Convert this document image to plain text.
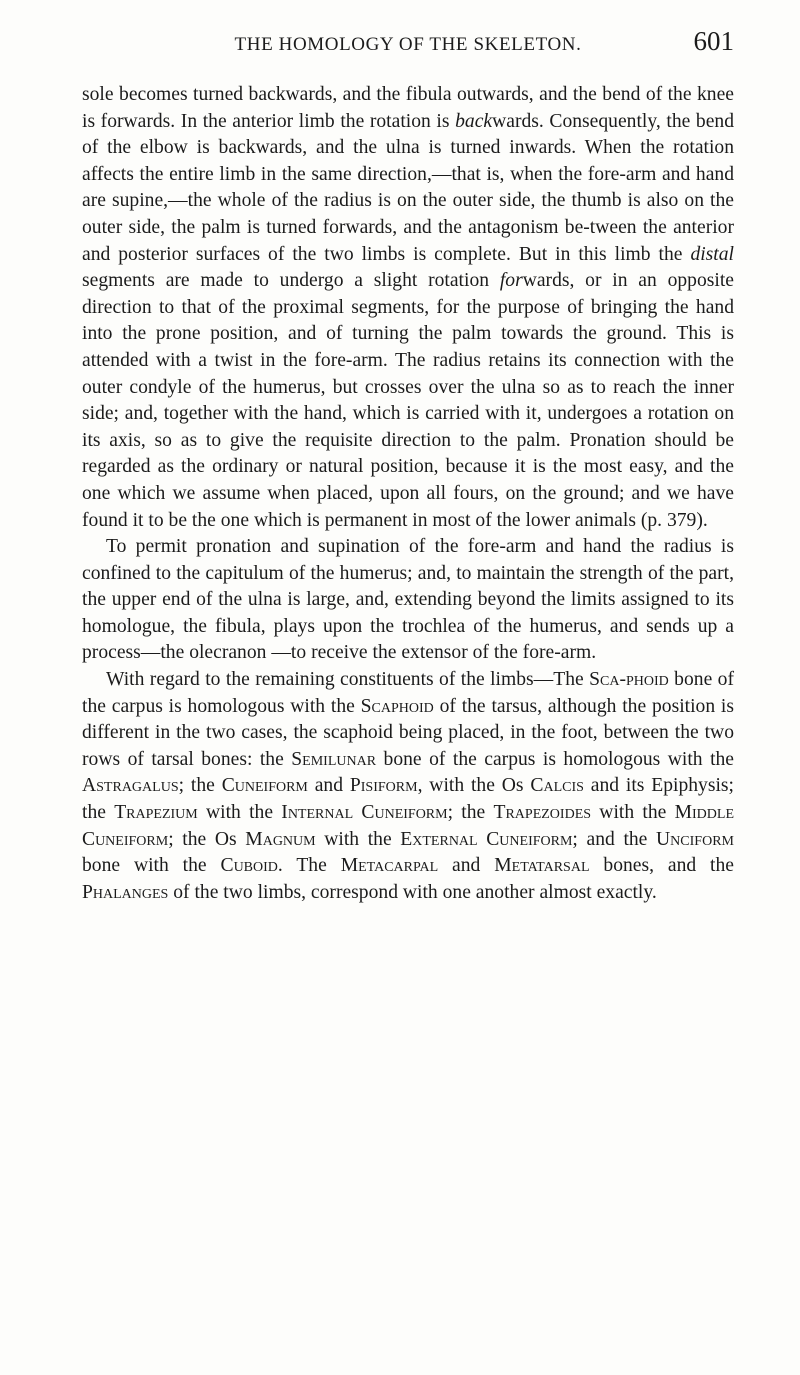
THE HOMOLOGY OF THE SKELETON.	601

sole becomes turned backwards, and the fibula outwards, and the bend of the knee is forwards. In the anterior limb the rotation is backwards. Consequently, the bend of the elbow is backwards, and the ulna is turned inwards. When the rotation affects the entire limb in the same direction,—that is, when the fore-arm and hand are supine,—the whole of the radius is on the outer side, the thumb is also on the outer side, the palm is turned forwards, and the antagonism be-tween the anterior and posterior surfaces of the two limbs is complete. But in this limb the distal segments are made to undergo a slight rotation forwards, or in an opposite direction to that of the proximal segments, for the purpose of bringing the hand into the prone position, and of turning the palm towards the ground. This is attended with a twist in the fore-arm. The radius retains its connection with the outer condyle of the humerus, but crosses over the ulna so as to reach the inner side; and, together with the hand, which is carried with it, undergoes a rotation on its axis, so as to give the requisite direction to the palm. Pronation should be regarded as the ordinary or natural position, because it is the most easy, and the one which we assume when placed, upon all fours, on the ground; and we have found it to be the one which is permanent in most of the lower animals (p. 379).

To permit pronation and supination of the fore-arm and hand the radius is confined to the capitulum of the humerus; and, to maintain the strength of the part, the upper end of the ulna is large, and, extending beyond the limits assigned to its homologue, the fibula, plays upon the trochlea of the humerus, and sends up a process—the olecranon —to receive the extensor of the fore-arm.

With regard to the remaining constituents of the limbs—The Sca-phoid bone of the carpus is homologous with the Scaphoid of the tarsus, although the position is different in the two cases, the scaphoid being placed, in the foot, between the two rows of tarsal bones: the Semilunar bone of the carpus is homologous with the Astragalus; the Cuneiform and Pisiform, with the Os Calcis and its Epiphysis; the Trapezium with the Internal Cuneiform; the Trapezoides with the Middle Cuneiform; the Os Magnum with the External Cuneiform; and the Unciform bone with the Cuboid. The Metacarpal and Metatarsal bones, and the Phalanges of the two limbs, correspond with one another almost exactly.
